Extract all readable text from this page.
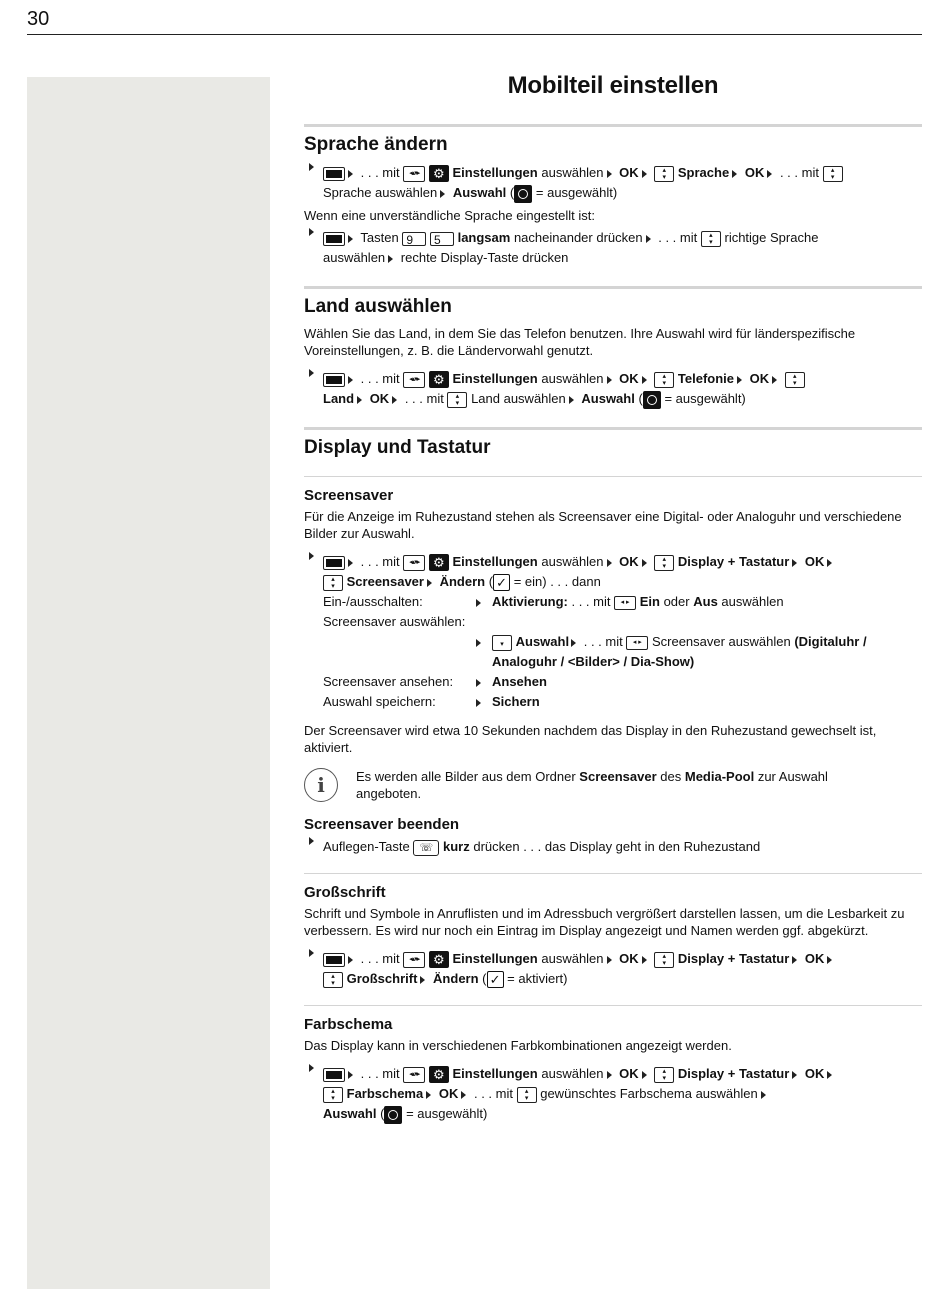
30
Mobilteil einstellen
Sprache ändern
. . . mit ◂▴▾▸	⚙ Einstellungen auswählen OK ▴ ▾	Sprache OK . . . mit ▴ ▾
Sprache auswählen Auswahl ( = ausgewählt)

Wenn eine unverständliche Sprache eingestellt ist:

Tasten 9 5 langsam nacheinander drücken . . . mit ▴ ▾ richtige Sprache
auswählen rechte Display-Taste drücken
Land auswählen

Wählen Sie das Land, in dem Sie das Telefon benutzen. Ihre Auswahl wird für länderspezifische Voreinstellungen, z. B. die Ländervorwahl genutzt.

. . . mit ◂▴▾▸	⚙ Einstellungen auswählen OK ▴ ▾	Telefonie OK ▴ ▾
Land OK . . . mit ▴ ▾ Land auswählen Auswahl ( = ausgewählt)
Display und Tastatur
Screensaver

Für die Anzeige im Ruhezustand stehen als Screensaver eine Digital- oder Analoguhr und verschiedene Bilder zur Auswahl.

. . . mit ◂▴▾▸	⚙ Einstellungen auswählen OK ▴ ▾	Display + Tastatur OK
▴ ▾ Screensaver Ändern ( ✓ = ein) . . . dann
Ein-/ausschalten:	Aktivierung: . . . mit ◂ ▸ Ein oder Aus auswählen
Screensaver auswählen:
▾ Auswahl . . . mit ◂ ▸ Screensaver auswählen (Digitaluhr / Analoguhr / <Bilder> / Dia-Show)
Screensaver ansehen:	Ansehen
Auswahl speichern:	Sichern

Der Screensaver wird etwa 10 Sekunden nachdem das Display in den Ruhezustand gewechselt ist, aktiviert.

i	Es werden alle Bilder aus dem Ordner Screensaver des Media-Pool zur Auswahl angeboten.

Screensaver beenden
Auflegen-Taste ☏ kurz drücken . . . das Display geht in den Ruhezustand
Großschrift

Schrift und Symbole in Anruflisten und im Adressbuch vergrößert darstellen lassen, um die Lesbarkeit zu verbessern. Es wird nur noch ein Eintrag im Display angezeigt und Namen werden ggf. abgekürzt.

. . . mit ◂▴▾▸	⚙ Einstellungen auswählen OK ▴ ▾	Display + Tastatur OK
▴ ▾ Großschrift Ändern ( ✓ = aktiviert)
Farbschema

Das Display kann in verschiedenen Farbkombinationen angezeigt werden.

. . . mit ◂▴▾▸	⚙ Einstellungen auswählen OK ▴ ▾	Display + Tastatur OK
▴ ▾ Farbschema OK . . . mit ▴ ▾ gewünschtes Farbschema auswählen
Auswahl ( = ausgewählt)
